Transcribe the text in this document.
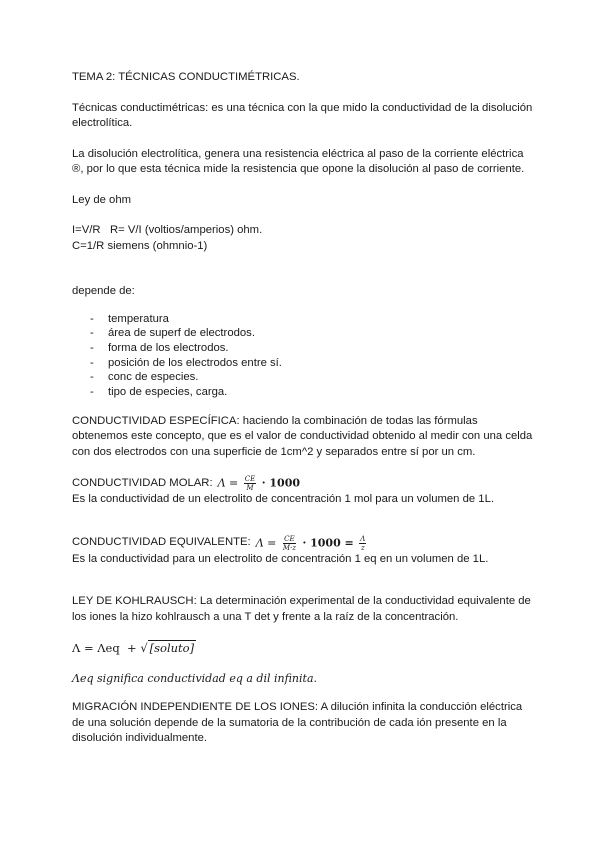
TEMA 2: TÉCNICAS CONDUCTIMÉTRICAS.

Técnicas conductimétricas: es una técnica con la que mido la conductividad de la disolución electrolítica.

La disolución electrolítica, genera una resistencia eléctrica al paso de la corriente eléctrica ®, por lo que esta técnica mide la resistencia que opone la disolución al paso de corriente.

Ley de ohm

I=V/R   R= V/I (voltios/amperios) ohm.

C=1/R siemens (ohmnio-1)

depende de:

- temperatura
- área de superf de electrodos.
- forma de los electrodos.
- posición de los electrodos entre sí.
- conc de especies.
- tipo de especies, carga.

CONDUCTIVIDAD ESPECÍFICA: haciendo la combinación de todas las fórmulas obtenemos este concepto, que es el valor de conductividad obtenido al medir con una celda con dos electrodos con una superficie de 1cm^2 y separados entre sí por un cm.

CONDUCTIVIDAD MOLAR: $\Lambda = \frac{CE}{M} \cdot 1000$

Es la conductividad de un electrolito de concentración 1 mol para un volumen de 1L.

CONDUCTIVIDAD EQUIVALENTE: $\Lambda = \frac{CE}{M\cdot z} \cdot 1000 = \frac{\Lambda}{z}$

Es la conductividad para un electrolito de concentración 1 eq en un volumen de 1L.

LEY DE KOHLRAUSCH: La determinación experimental de la conductividad equivalente de los iones la hizo kohlrausch a una T det y frente a la raíz de la concentración.

Λ = Λeq  + √ [soluto]

Λeq significa conductividad eq a dil infinita.

MIGRACIÓN INDEPENDIENTE DE LOS IONES: A dilución infinita la conducción eléctrica de una solución depende de la sumatoria de la contribución de cada ión presente en la disolución individualmente.
